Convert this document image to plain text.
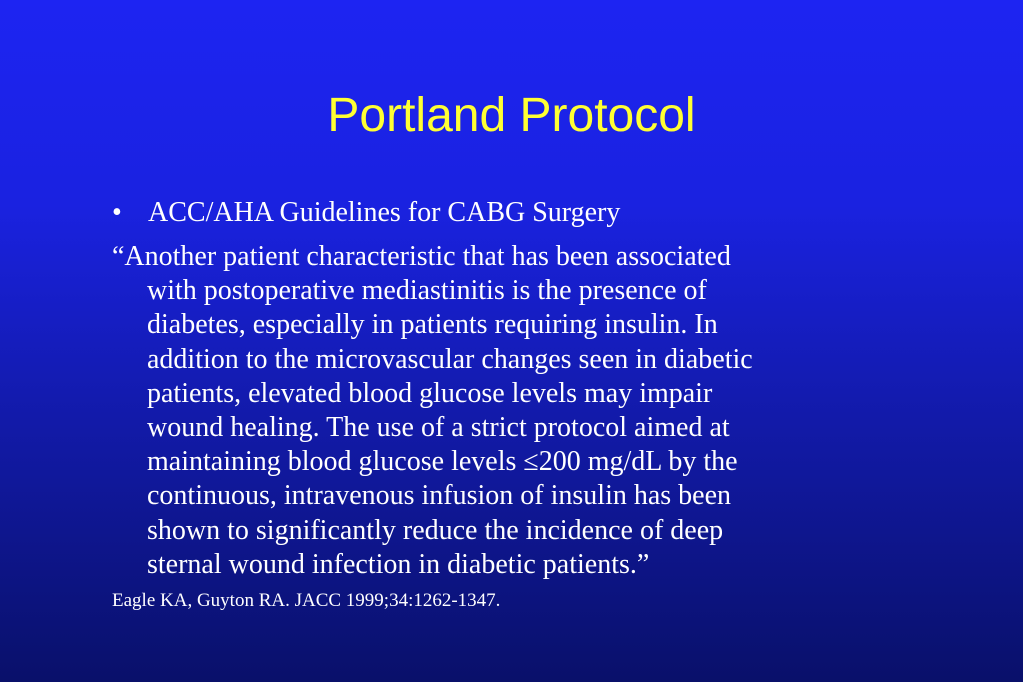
Portland Protocol
• ACC/AHA Guidelines for CABG Surgery
“Another patient characteristic that has been associated
with postoperative mediastinitis is the presence of
diabetes, especially in patients requiring insulin. In
addition to the microvascular changes seen in diabetic
patients, elevated blood glucose levels may impair
wound healing. The use of a strict protocol aimed at
maintaining blood glucose levels ≤200 mg/dL by the
continuous, intravenous infusion of insulin has been
shown to significantly reduce the incidence of deep
sternal wound infection in diabetic patients.”
Eagle KA, Guyton RA. JACC 1999;34:1262-1347.
